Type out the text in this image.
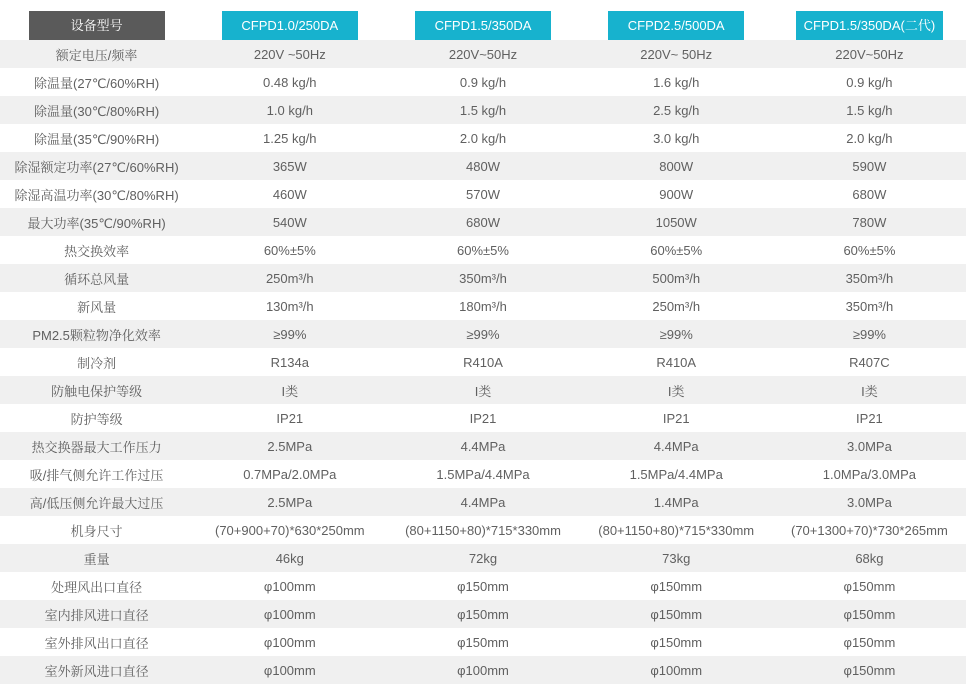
设备型号	CFPD1.0/250DA	CFPD1.5/350DA	CFPD2.5/500DA	CFPD1.5/350DA(二代)
额定电压/频率	220V ~50Hz	220V~50Hz	220V~ 50Hz	220V~50Hz
除温量(27℃/60%RH)	0.48 kg/h	0.9 kg/h	1.6 kg/h	0.9 kg/h
除温量(30℃/80%RH)	1.0 kg/h	1.5 kg/h	2.5 kg/h	1.5 kg/h
除温量(35℃/90%RH)	1.25 kg/h	2.0 kg/h	3.0 kg/h	2.0 kg/h
除湿额定功率(27℃/60%RH)	365W	480W	800W	590W
除湿高温功率(30℃/80%RH)	460W	570W	900W	680W
最大功率(35℃/90%RH)	540W	680W	1050W	780W
热交换效率	60%±5%	60%±5%	60%±5%	60%±5%
循环总风量	250m³/h	350m³/h	500m³/h	350m³/h
新风量	130m³/h	180m³/h	250m³/h	350m³/h
PM2.5颗粒物净化效率	≥99%	≥99%	≥99%	≥99%
制冷剂	R134a	R410A	R410A	R407C
防触电保护等级	I类	I类	I类	I类
防护等级	IP21	IP21	IP21	IP21
热交换器最大工作压力	2.5MPa	4.4MPa	4.4MPa	3.0MPa
吸/排气侧允许工作过压	0.7MPa/2.0MPa	1.5MPa/4.4MPa	1.5MPa/4.4MPa	1.0MPa/3.0MPa
高/低压侧允许最大过压	2.5MPa	4.4MPa	1.4MPa	3.0MPa
机身尺寸	(70+900+70)*630*250mm	(80+1150+80)*715*330mm	(80+1150+80)*715*330mm	(70+1300+70)*730*265mm
重量	46kg	72kg	73kg	68kg
处理风出口直径	φ100mm	φ150mm	φ150mm	φ150mm
室内排风进口直径	φ100mm	φ150mm	φ150mm	φ150mm
室外排风出口直径	φ100mm	φ150mm	φ150mm	φ150mm
室外新风进口直径	φ100mm	φ100mm	φ100mm	φ150mm
